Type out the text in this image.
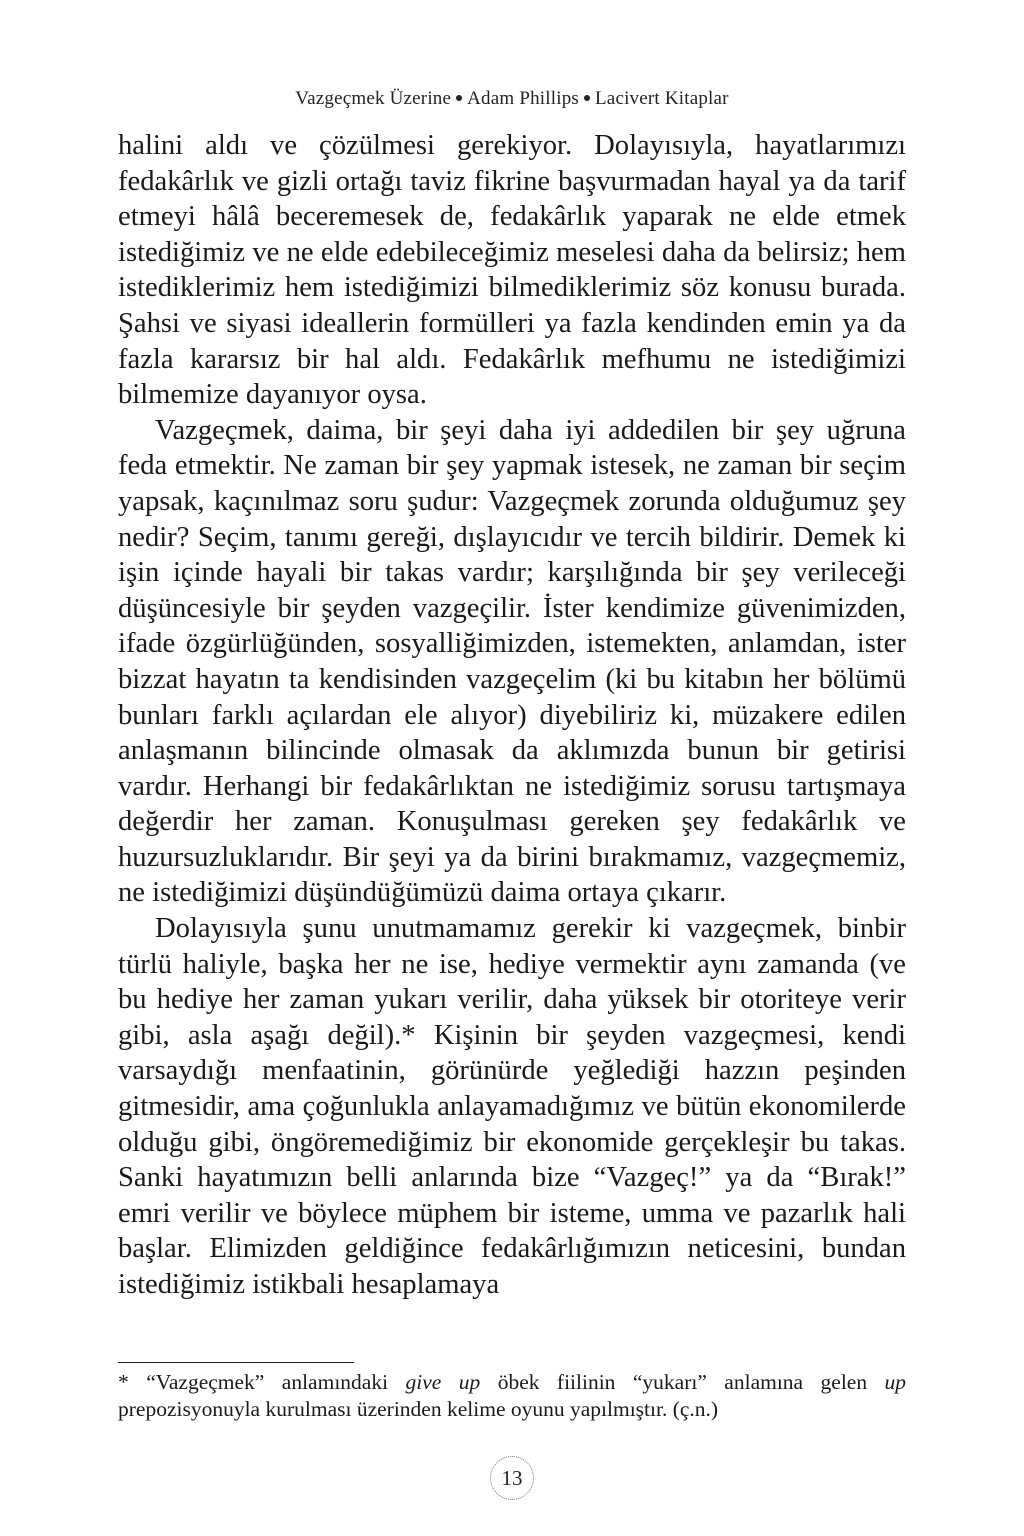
Vazgeçmek Üzerine Adam Phillips Lacivert Kitaplar

halini aldı ve çözülmesi gerekiyor. Dolayısıyla, hayatlarımızı fedakârlık ve gizli ortağı taviz fikrine başvurmadan hayal ya da tarif etmeyi hâlâ beceremesek de, fedakârlık yaparak ne elde etmek istediğimiz ve ne elde edebileceğimiz meselesi daha da belirsiz; hem istediklerimiz hem istediğimizi bilmediklerimiz söz konusu burada. Şahsi ve siyasi ideallerin formülleri ya fazla kendinden emin ya da fazla kararsız bir hal aldı. Fedakârlık mefhumu ne istediğimizi bilmemize dayanıyor oysa.

Vazgeçmek, daima, bir şeyi daha iyi addedilen bir şey uğruna feda etmektir. Ne zaman bir şey yapmak istesek, ne zaman bir seçim yapsak, kaçınılmaz soru şudur: Vazgeçmek zorunda olduğumuz şey nedir? Seçim, tanımı gereği, dışlayıcıdır ve tercih bildirir. Demek ki işin içinde hayali bir takas vardır; karşılığında bir şey verileceği düşüncesiyle bir şeyden vazgeçilir. İster kendimize güvenimizden, ifade özgürlüğünden, sosyalliğimizden, istemekten, anlamdan, ister bizzat hayatın ta kendisinden vazgeçelim (ki bu kitabın her bölümü bunları farklı açılardan ele alıyor) diyebiliriz ki, müzakere edilen anlaşmanın bilincinde olmasak da aklımızda bunun bir getirisi vardır. Herhangi bir fedakârlıktan ne istediğimiz sorusu tartışmaya değerdir her zaman. Konuşulması gereken şey fedakârlık ve huzursuzluklarıdır. Bir şeyi ya da birini bırakmamız, vazgeçmemiz, ne istediğimizi düşündüğümüzü daima ortaya çıkarır.

Dolayısıyla şunu unutmamamız gerekir ki vazgeçmek, binbir türlü haliyle, başka her ne ise, hediye vermektir aynı zamanda (ve bu hediye her zaman yukarı verilir, daha yüksek bir otoriteye verir gibi, asla aşağı değil).* Kişinin bir şeyden vazgeçmesi, kendi varsaydığı menfaatinin, görünürde yeğlediği hazzın peşinden gitmesidir, ama çoğunlukla anlayamadığımız ve bütün ekonomilerde olduğu gibi, öngöremediğimiz bir ekonomide gerçekleşir bu takas. Sanki hayatımızın belli anlarında bize “Vazgeç!” ya da “Bırak!” emri verilir ve böylece müphem bir isteme, umma ve pazarlık hali başlar. Elimizden geldiğince fedakârlığımızın neticesini, bundan istediğimiz istikbali hesaplamaya

* “Vazgeçmek” anlamındaki give up öbek fiilinin “yukarı” anlamına gelen up prepozisyonuyla kurulması üzerinden kelime oyunu yapılmıştır. (ç.n.)
13
